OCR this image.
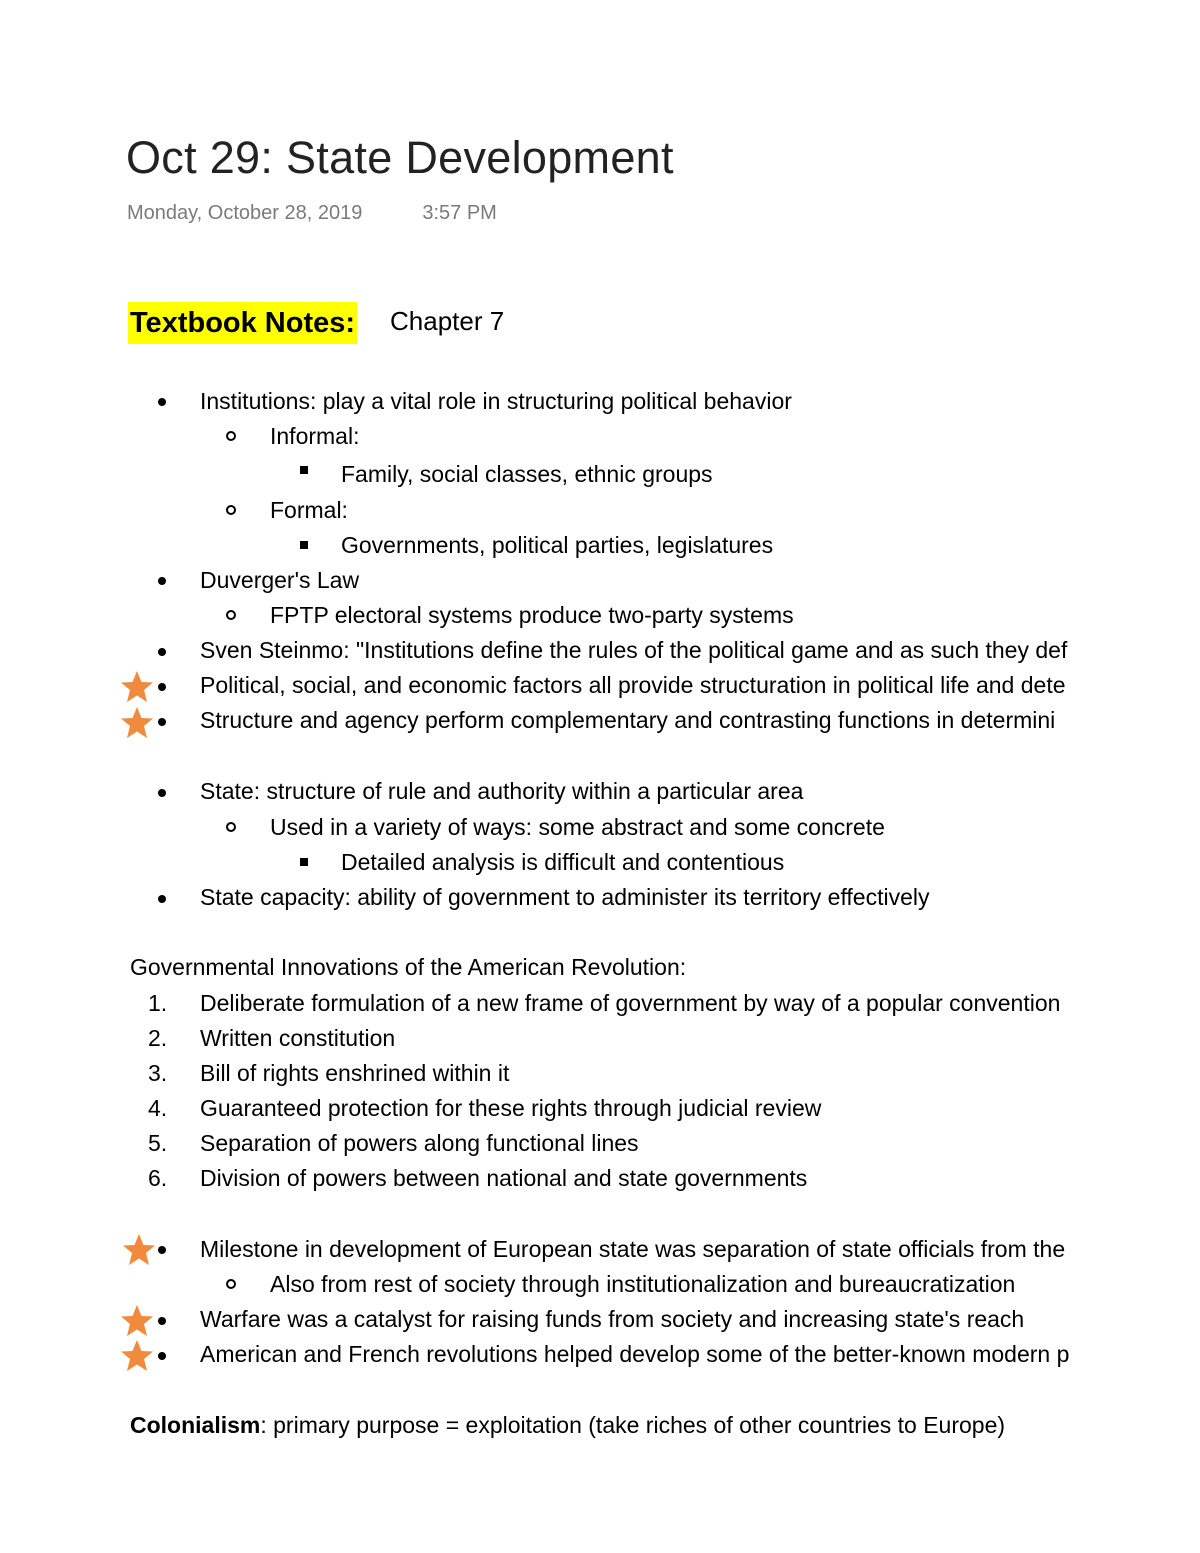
Oct 29: State Development
Monday, October 28, 2019	3:57 PM
Textbook Notes: Chapter 7
Institutions: play a vital role in structuring political behavior
Informal:
Family, social classes, ethnic groups
Formal:
Governments, political parties, legislatures
Duverger's Law
FPTP electoral systems produce two-party systems
Sven Steinmo: "Institutions define the rules of the political game and as such they def
Political, social, and economic factors all provide structuration in political life and dete
Structure and agency perform complementary and contrasting functions in determini
State: structure of rule and authority within a particular area
Used in a variety of ways: some abstract and some concrete
Detailed analysis is difficult and contentious
State capacity: ability of government to administer its territory effectively
Governmental Innovations of the American Revolution:
1. Deliberate formulation of a new frame of government by way of a popular convention
2. Written constitution
3. Bill of rights enshrined within it
4. Guaranteed protection for these rights through judicial review
5. Separation of powers along functional lines
6. Division of powers between national and state governments
Milestone in development of European state was separation of state officials from the
Also from rest of society through institutionalization and bureaucratization
Warfare was a catalyst for raising funds from society and increasing state's reach
American and French revolutions helped develop some of the better-known modern p
Colonialism: primary purpose = exploitation (take riches of other countries to Europe)
